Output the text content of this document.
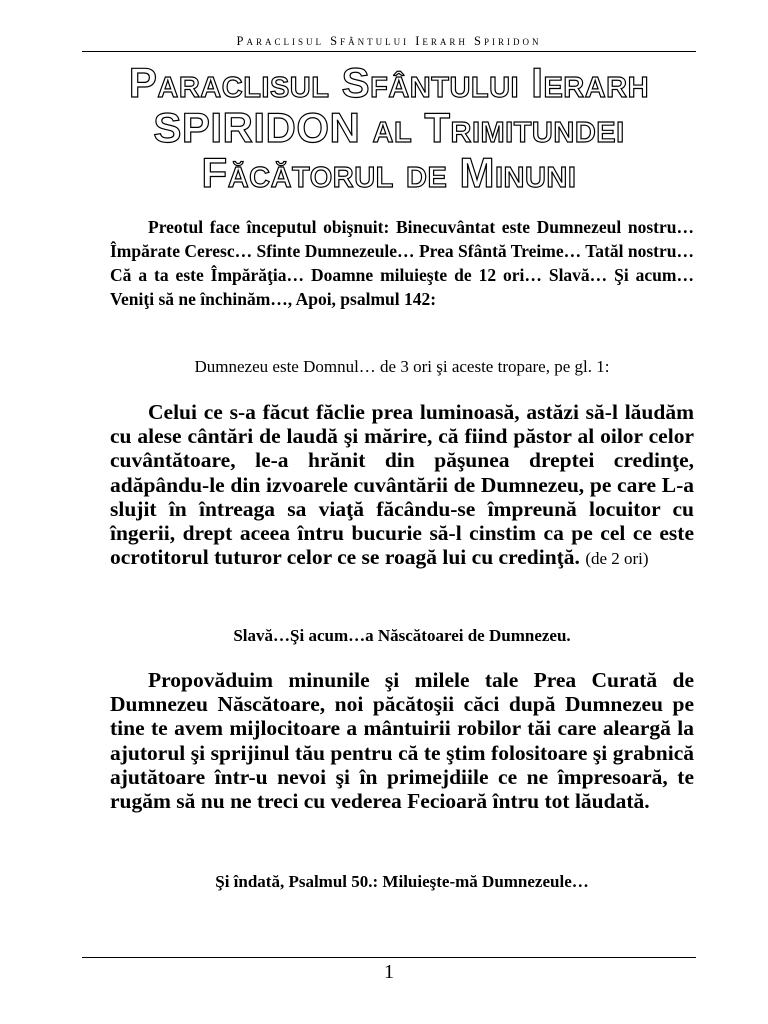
Paraclisul Sfântului Ierarh Spiridon
Paraclisul Sfântului Ierarh
SPIRIDON al Trimitundei
Făcătorul de Minuni

Preotul face începutul obişnuit: Binecuvântat este Dumnezeul nostru… Împărate Ceresc… Sfinte Dumnezeule… Prea Sfântă Treime… Tatăl nostru… Că a ta este Împărăţia… Doamne miluieşte de 12 ori… Slavă… Şi acum… Veniţi să ne închinăm…, Apoi, psalmul 142:

Dumnezeu este Domnul… de 3 ori şi aceste tropare, pe gl. 1:

Celui ce s-a făcut făclie prea luminoasă, astăzi să-l lăudăm cu alese cântări de laudă şi mărire, că fiind păstor al oilor celor cuvântătoare, le-a hrănit din păşunea dreptei credinţe, adăpându-le din izvoarele cuvântării de Dumnezeu, pe care L-a slujit în întreaga sa viaţă făcându-se împreună locuitor cu îngerii, drept aceea întru bucurie să-l cinstim ca pe cel ce este ocrotitorul tuturor celor ce se roagă lui cu credinţă. (de 2 ori)

Slavă…Şi acum…a Născătoarei de Dumnezeu.

Propovăduim minunile şi milele tale Prea Curată de Dumnezeu Născătoare, noi păcătoşii căci după Dumnezeu pe tine te avem mijlocitoare a mântuirii robilor tăi care aleargă la ajutorul şi sprijinul tău pentru că te ştim folositoare şi grabnică ajutătoare într-u nevoi şi în primejdiile ce ne împresoară, te rugăm să nu ne treci cu vederea Fecioară întru tot lăudată.

Şi îndată, Psalmul 50.: Miluieşte-mă Dumnezeule…

1
